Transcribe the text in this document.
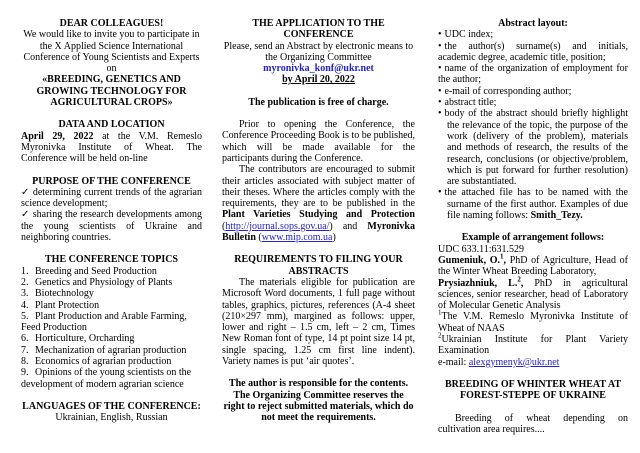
DEAR COLLEAGUES!
We would like to invite you to participate in the X Applied Science International Conference of Young Scientists and Experts on
«BREEDING, GENETICS AND GROWING TECHNOLOGY FOR AGRICULTURAL CROPS»
DATA AND LOCATION
April 29, 2022 at the V.M. Remeslo Myronivka Institute of Wheat. The Conference will be held on-line
PURPOSE OF THE CONFERENCE
✓ determining current trends of the agrarian science development;
✓ sharing the research developments among the young scientists of Ukraine and neighboring countries.
THE CONFERENCE TOPICS
1. Breeding and Seed Production
2. Genetics and Physiology of Plants
3. Biotechnology
4. Plant Protection
5. Plant Production and Arable Farming, Feed Production
6. Horticulture, Orcharding
7. Mechanization of agrarian production
8. Economics of agrarian production
9. Opinions of the young scientists on the development of modern agrarian science
LANGUAGES OF THE CONFERENCE:
Ukrainian, English, Russian
THE APPLICATION TO THE CONFERENCE
Please, send an Abstract by electronic means to the Organizing Committee
myronivka_konf@ukr.net
by April 20, 2022
The publication is free of charge.
Prior to opening the Conference, the Conference Proceeding Book is to be published, which will be made available for the participants during the Conference.
The contributors are encouraged to submit their articles associated with subject matter of their theses. Where the articles comply with the requirements, they are to be published in the Plant Varieties Studying and Protection (http://journal.sops.gov.ua/) and Myronivka Bulletin (www.mip.com.ua)
REQUIREMENTS TO FILING YOUR ABSTRACTS
The materials eligible for publication are Microsoft Word documents, 1 full page without tables, graphics, pictures, references (A-4 sheet (210×297 mm), margined as follows: upper, lower and right – 1.5 cm, left – 2 cm, Times New Roman font of type, 14 pt point size 14 pt, single spacing, 1.25 cm first line indent). Variety names is put ‘air quotes’.
The author is responsible for the contents. The Organizing Committee reserves the right to reject submitted materials, which do not meet the requirements.
Abstract layout:
• UDC index;
• the author(s) surname(s) and initials, academic degree, academic title, position;
• name of the organization of employment for the author;
• e-mail of corresponding author;
• abstract title;
• body of the abstract should briefly highlight the relevance of the topic, the purpose of the work (delivery of the problem), materials and methods of research, the results of the research, conclusions (or objective/problem, which is put forward for further resolution) are substantiated.
• the attached file has to be named with the surname of the first author. Examples of due file naming follows: Smith_Tezy.
Example of arrangement follows:
UDC 633.11:631.529
Gumeniuk, O.$^1$, PhD of Agriculture, Head of the Winter Wheat Breeding Laboratory,
Prysiazhniuk, L.$^2$, PhD in agricultural sciences, senior researcher, head of Laboratory of Molecular Genetic Analysis
$^1$The V.M. Remeslo Myronivka Institute of Wheat of NAAS
$^2$Ukrainian Institute for Plant Variety Examination
e-mail: alexgymenyk@ukr.net
BREEDING OF WHINTER WHEAT AT FOREST-STEPPE OF UKRAINE
Breeding of wheat depending on cultivation area requires....
